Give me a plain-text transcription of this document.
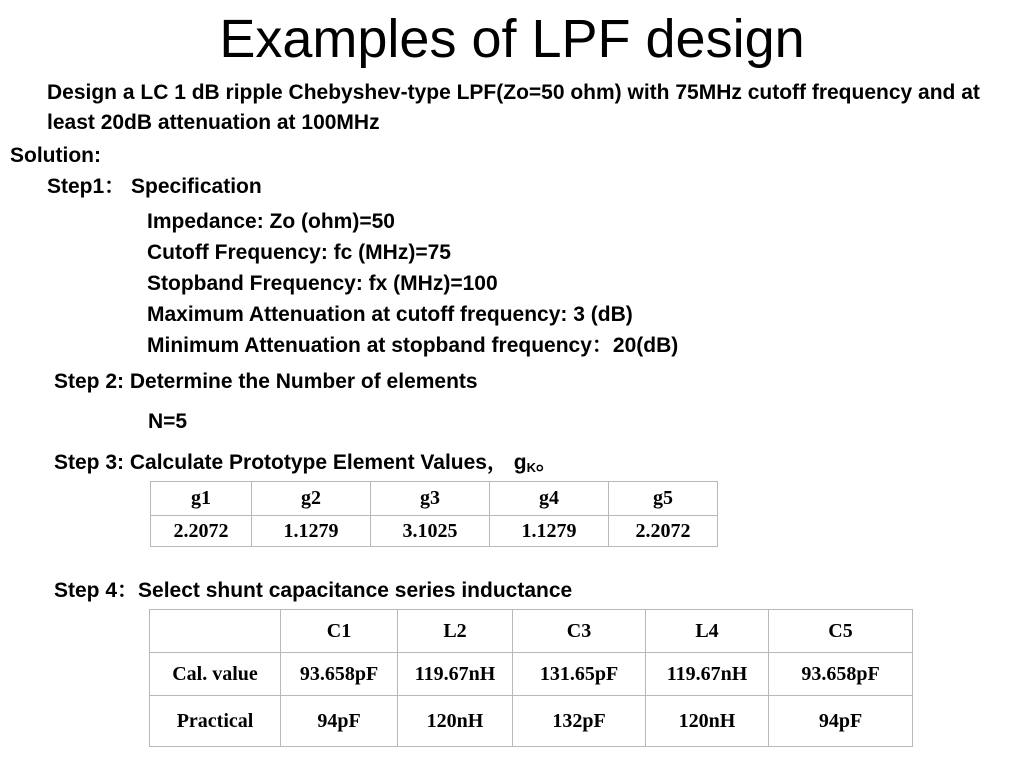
Examples of LPF design
Design a LC 1 dB ripple Chebyshev-type LPF(Zo=50 ohm) with 75MHz cutoff frequency and at least 20dB attenuation at 100MHz
Solution:
Step1： Specification
Impedance: Zo (ohm)=50
Cutoff Frequency: fc (MHz)=75
Stopband Frequency: fx (MHz)=100
Maximum Attenuation at cutoff frequency: 3 (dB)
Minimum Attenuation at stopband frequency：20(dB)
Step 2: Determine the Number of elements
N=5
Step 3: Calculate Prototype Element Values， $g_K$。
g1	g2	g3	g4	g5
2.2072	1.1279	3.1025	1.1279	2.2072
Step 4：Select shunt capacitance series inductance
	C1	L2	C3	L4	C5
Cal. value	93.658pF	119.67nH	131.65pF	119.67nH	93.658pF
Practical	94pF	120nH	132pF	120nH	94pF
